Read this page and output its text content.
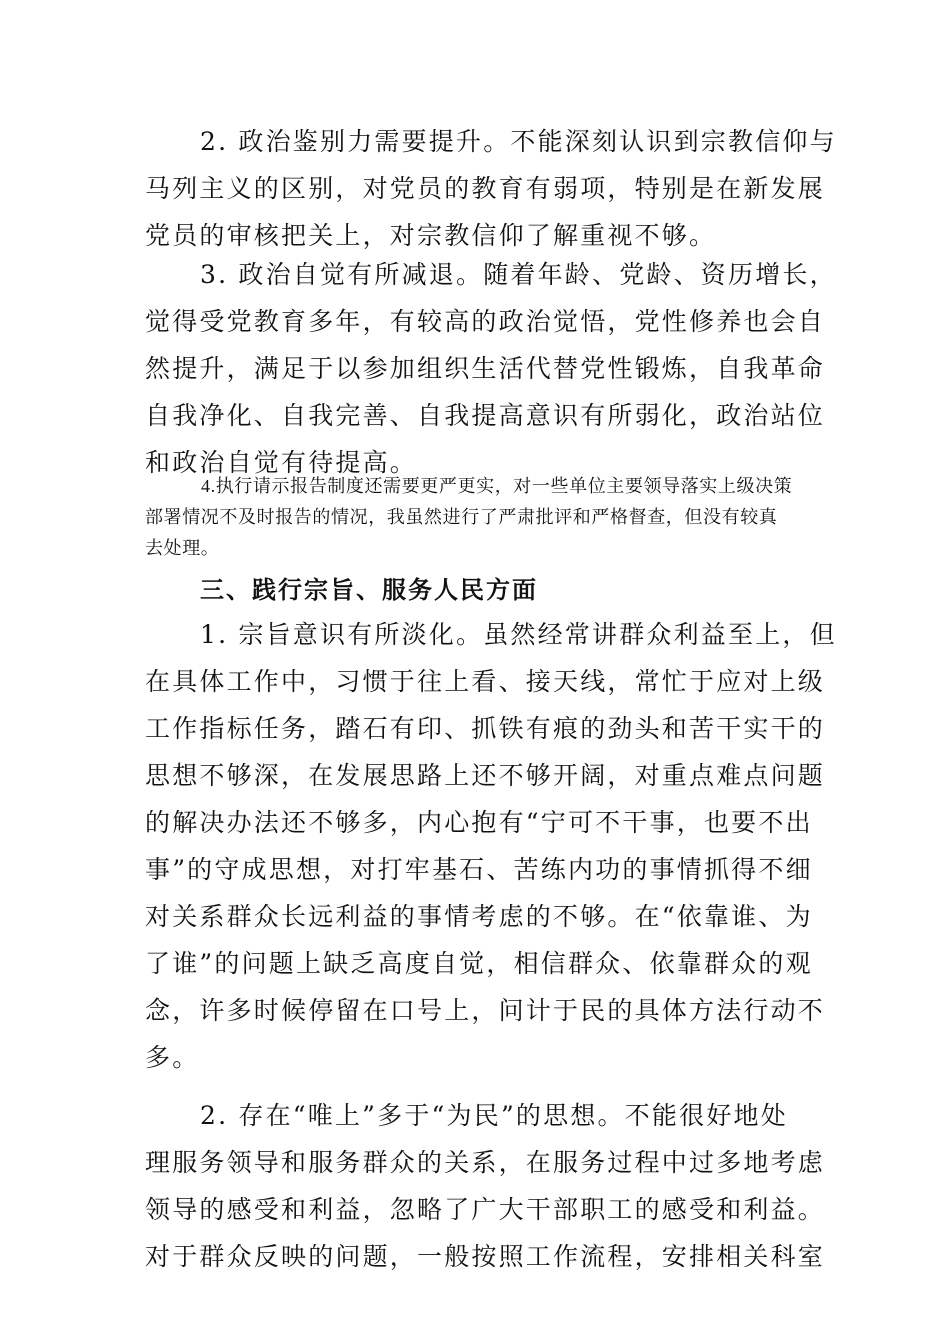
2. 政治鉴别力需要提升。不能深刻认识到宗教信仰与
马列主义的区别，对党员的教育有弱项，特别是在新发展
党员的审核把关上，对宗教信仰了解重视不够。
3. 政治自觉有所减退。随着年龄、党龄、资历增长，
觉得受党教育多年，有较高的政治觉悟，党性修养也会自
然提升，满足于以参加组织生活代替党性锻炼，自我革命
自我净化、自我完善、自我提高意识有所弱化，政治站位
和政治自觉有待提高。
4.执行请示报告制度还需要更严更实，对一些单位主要领导落实上级决策
部署情况不及时报告的情况，我虽然进行了严肃批评和严格督查，但没有较真
去处理。
三、践行宗旨、服务人民方面
1. 宗旨意识有所淡化。虽然经常讲群众利益至上，但
在具体工作中，习惯于往上看、接天线，常忙于应对上级
工作指标任务，踏石有印、抓铁有痕的劲头和苦干实干的
思想不够深，在发展思路上还不够开阔，对重点难点问题
的解决办法还不够多，内心抱有“宁可不干事，也要不出
事”的守成思想，对打牢基石、苦练内功的事情抓得不细
对关系群众长远利益的事情考虑的不够。在“依靠谁、为
了谁”的问题上缺乏高度自觉，相信群众、依靠群众的观
念，许多时候停留在口号上，问计于民的具体方法行动不
多。
2. 存在“唯上”多于“为民”的思想。不能很好地处
理服务领导和服务群众的关系，在服务过程中过多地考虑
领导的感受和利益，忽略了广大干部职工的感受和利益。
对于群众反映的问题，一般按照工作流程，安排相关科室
